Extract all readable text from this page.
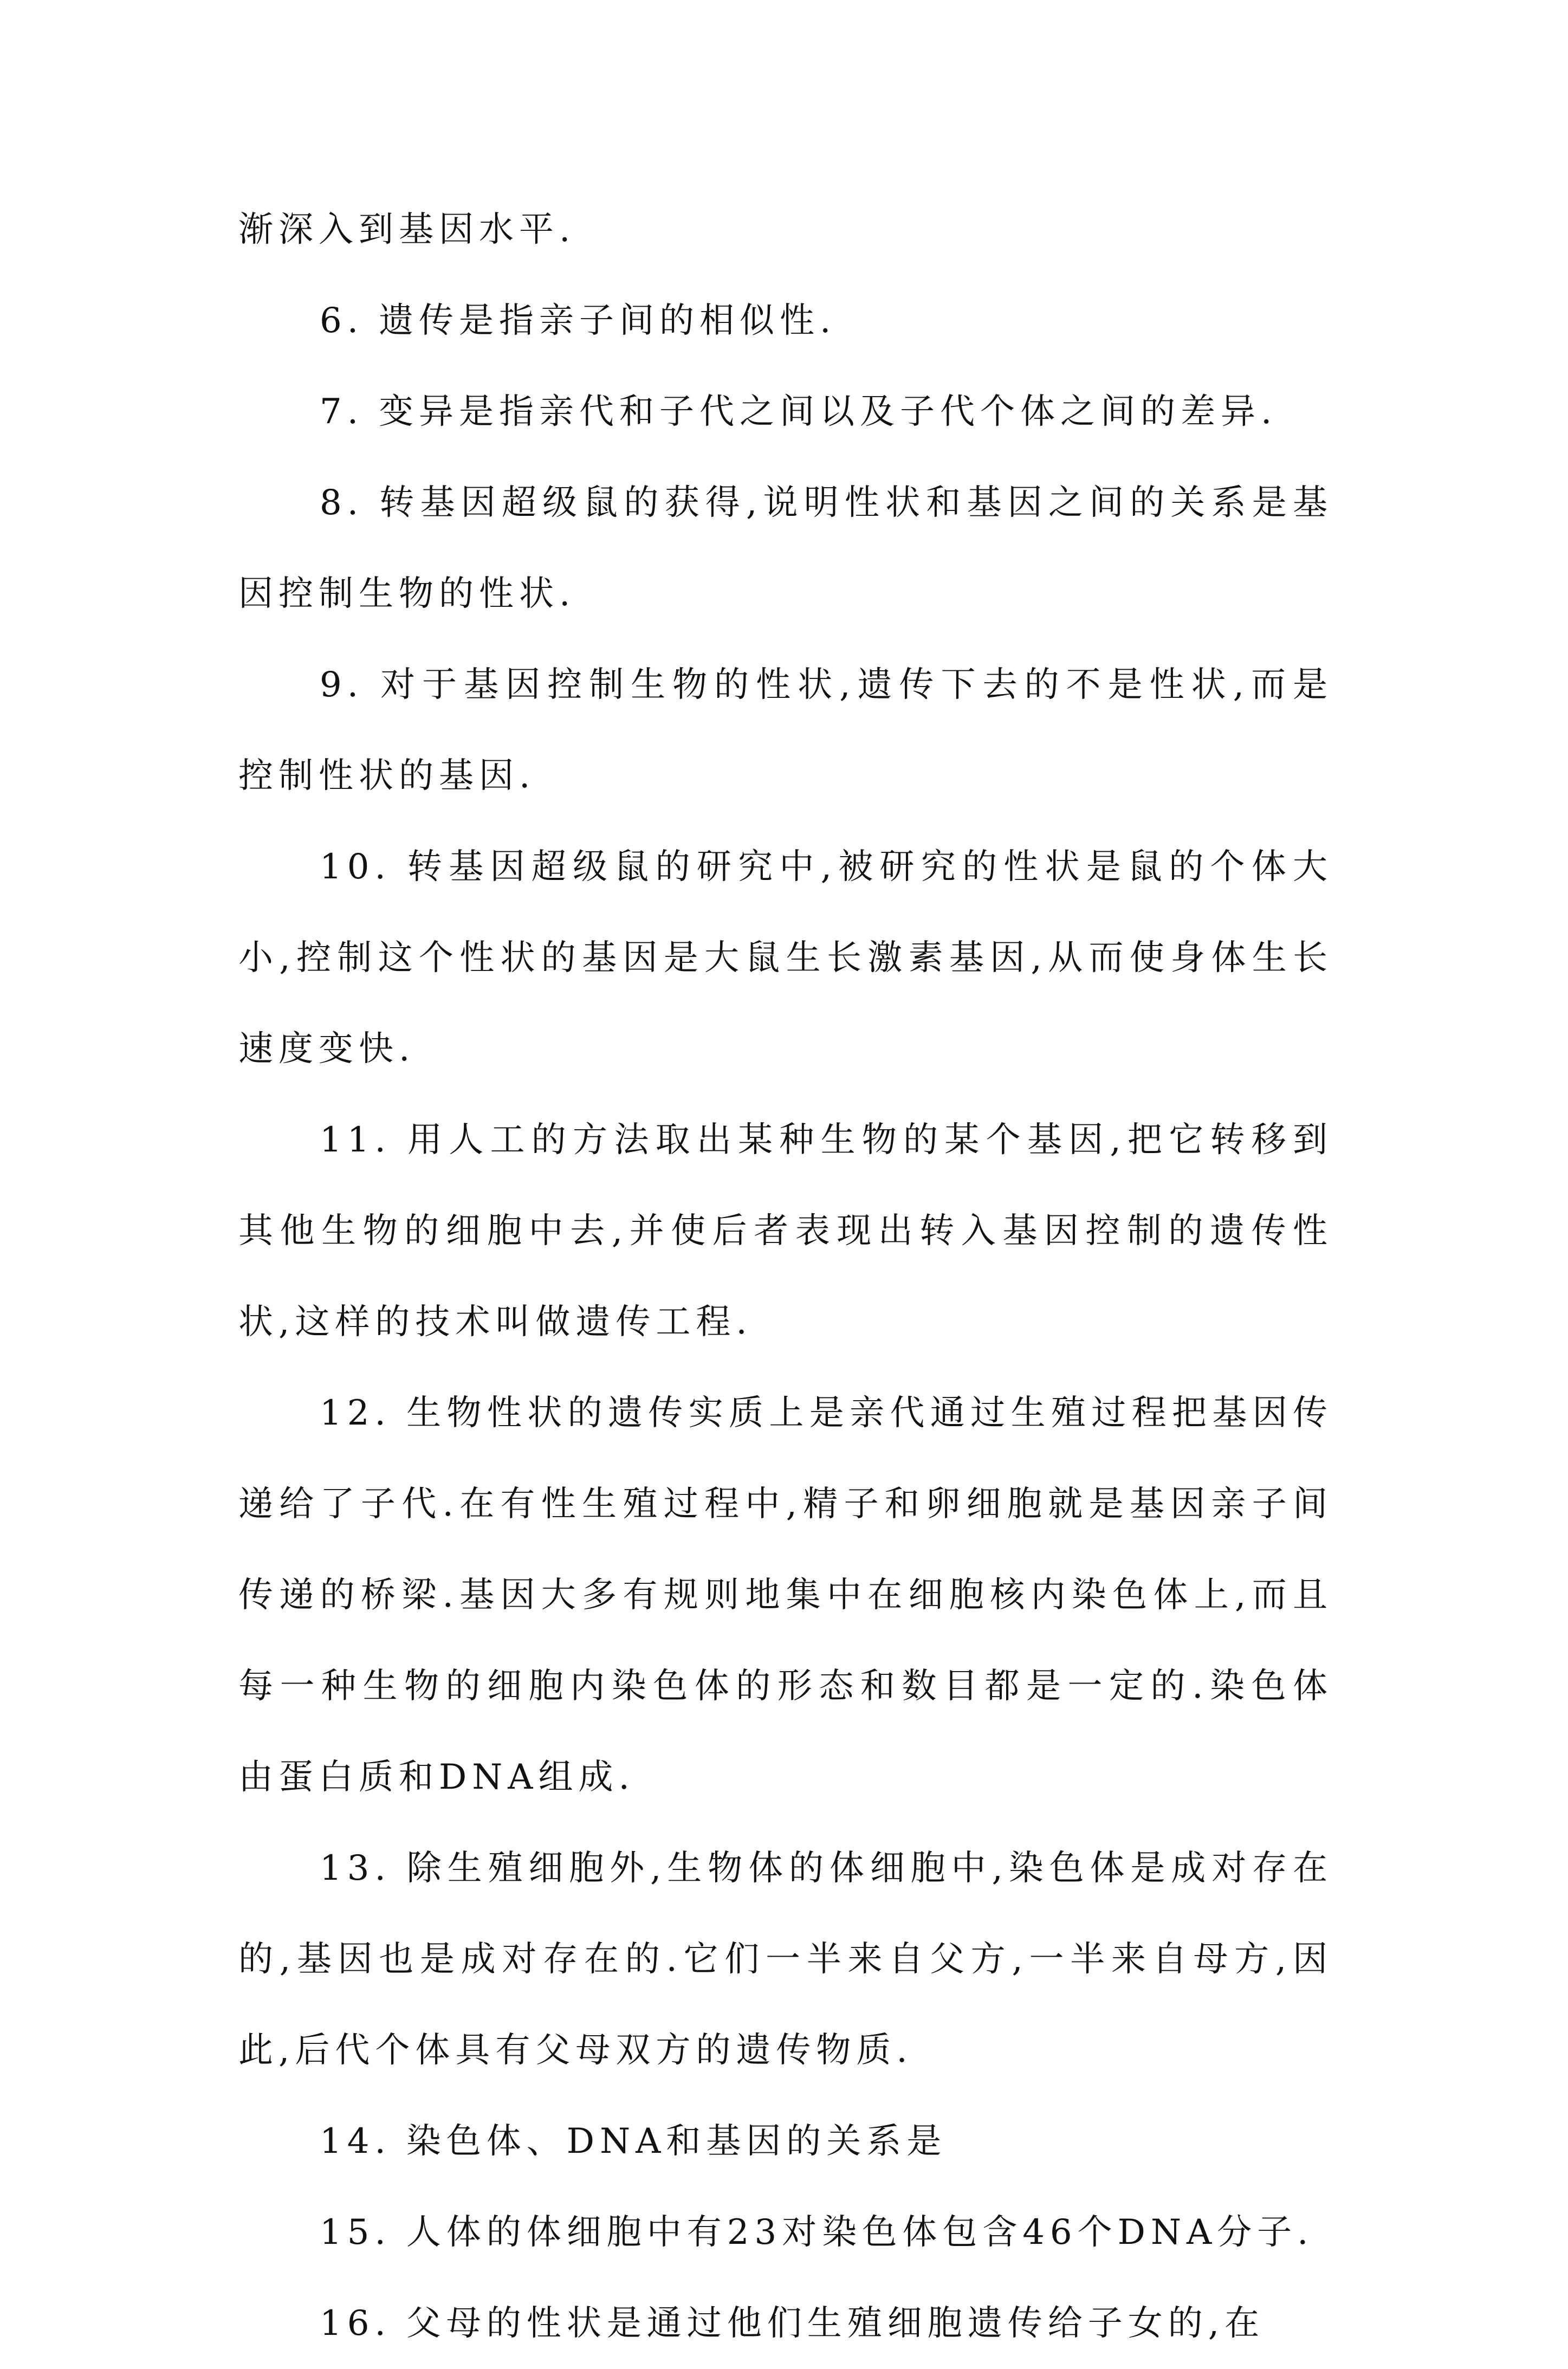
渐深入到基因水平.

6. 遗传是指亲子间的相似性.

7. 变异是指亲代和子代之间以及子代个体之间的差异.

8. 转基因超级鼠的获得,说明性状和基因之间的关系是基因控制生物的性状.

9. 对于基因控制生物的性状,遗传下去的不是性状,而是控制性状的基因.

10. 转基因超级鼠的研究中,被研究的性状是鼠的个体大小,控制这个性状的基因是大鼠生长激素基因,从而使身体生长速度变快.

11. 用人工的方法取出某种生物的某个基因,把它转移到其他生物的细胞中去,并使后者表现出转入基因控制的遗传性状,这样的技术叫做遗传工程.

12. 生物性状的遗传实质上是亲代通过生殖过程把基因传递给了子代.在有性生殖过程中,精子和卵细胞就是基因亲子间传递的桥梁.基因大多有规则地集中在细胞核内染色体上,而且每一种生物的细胞内染色体的形态和数目都是一定的.染色体由蛋白质和DNA组成.

13. 除生殖细胞外,生物体的体细胞中,染色体是成对存在的,基因也是成对存在的.它们一半来自父方,一半来自母方,因此,后代个体具有父母双方的遗传物质.

14. 染色体、DNA和基因的关系是

15. 人体的体细胞中有23对染色体包含46个DNA分子.

16. 父母的性状是通过他们生殖细胞遗传给子女的,在
